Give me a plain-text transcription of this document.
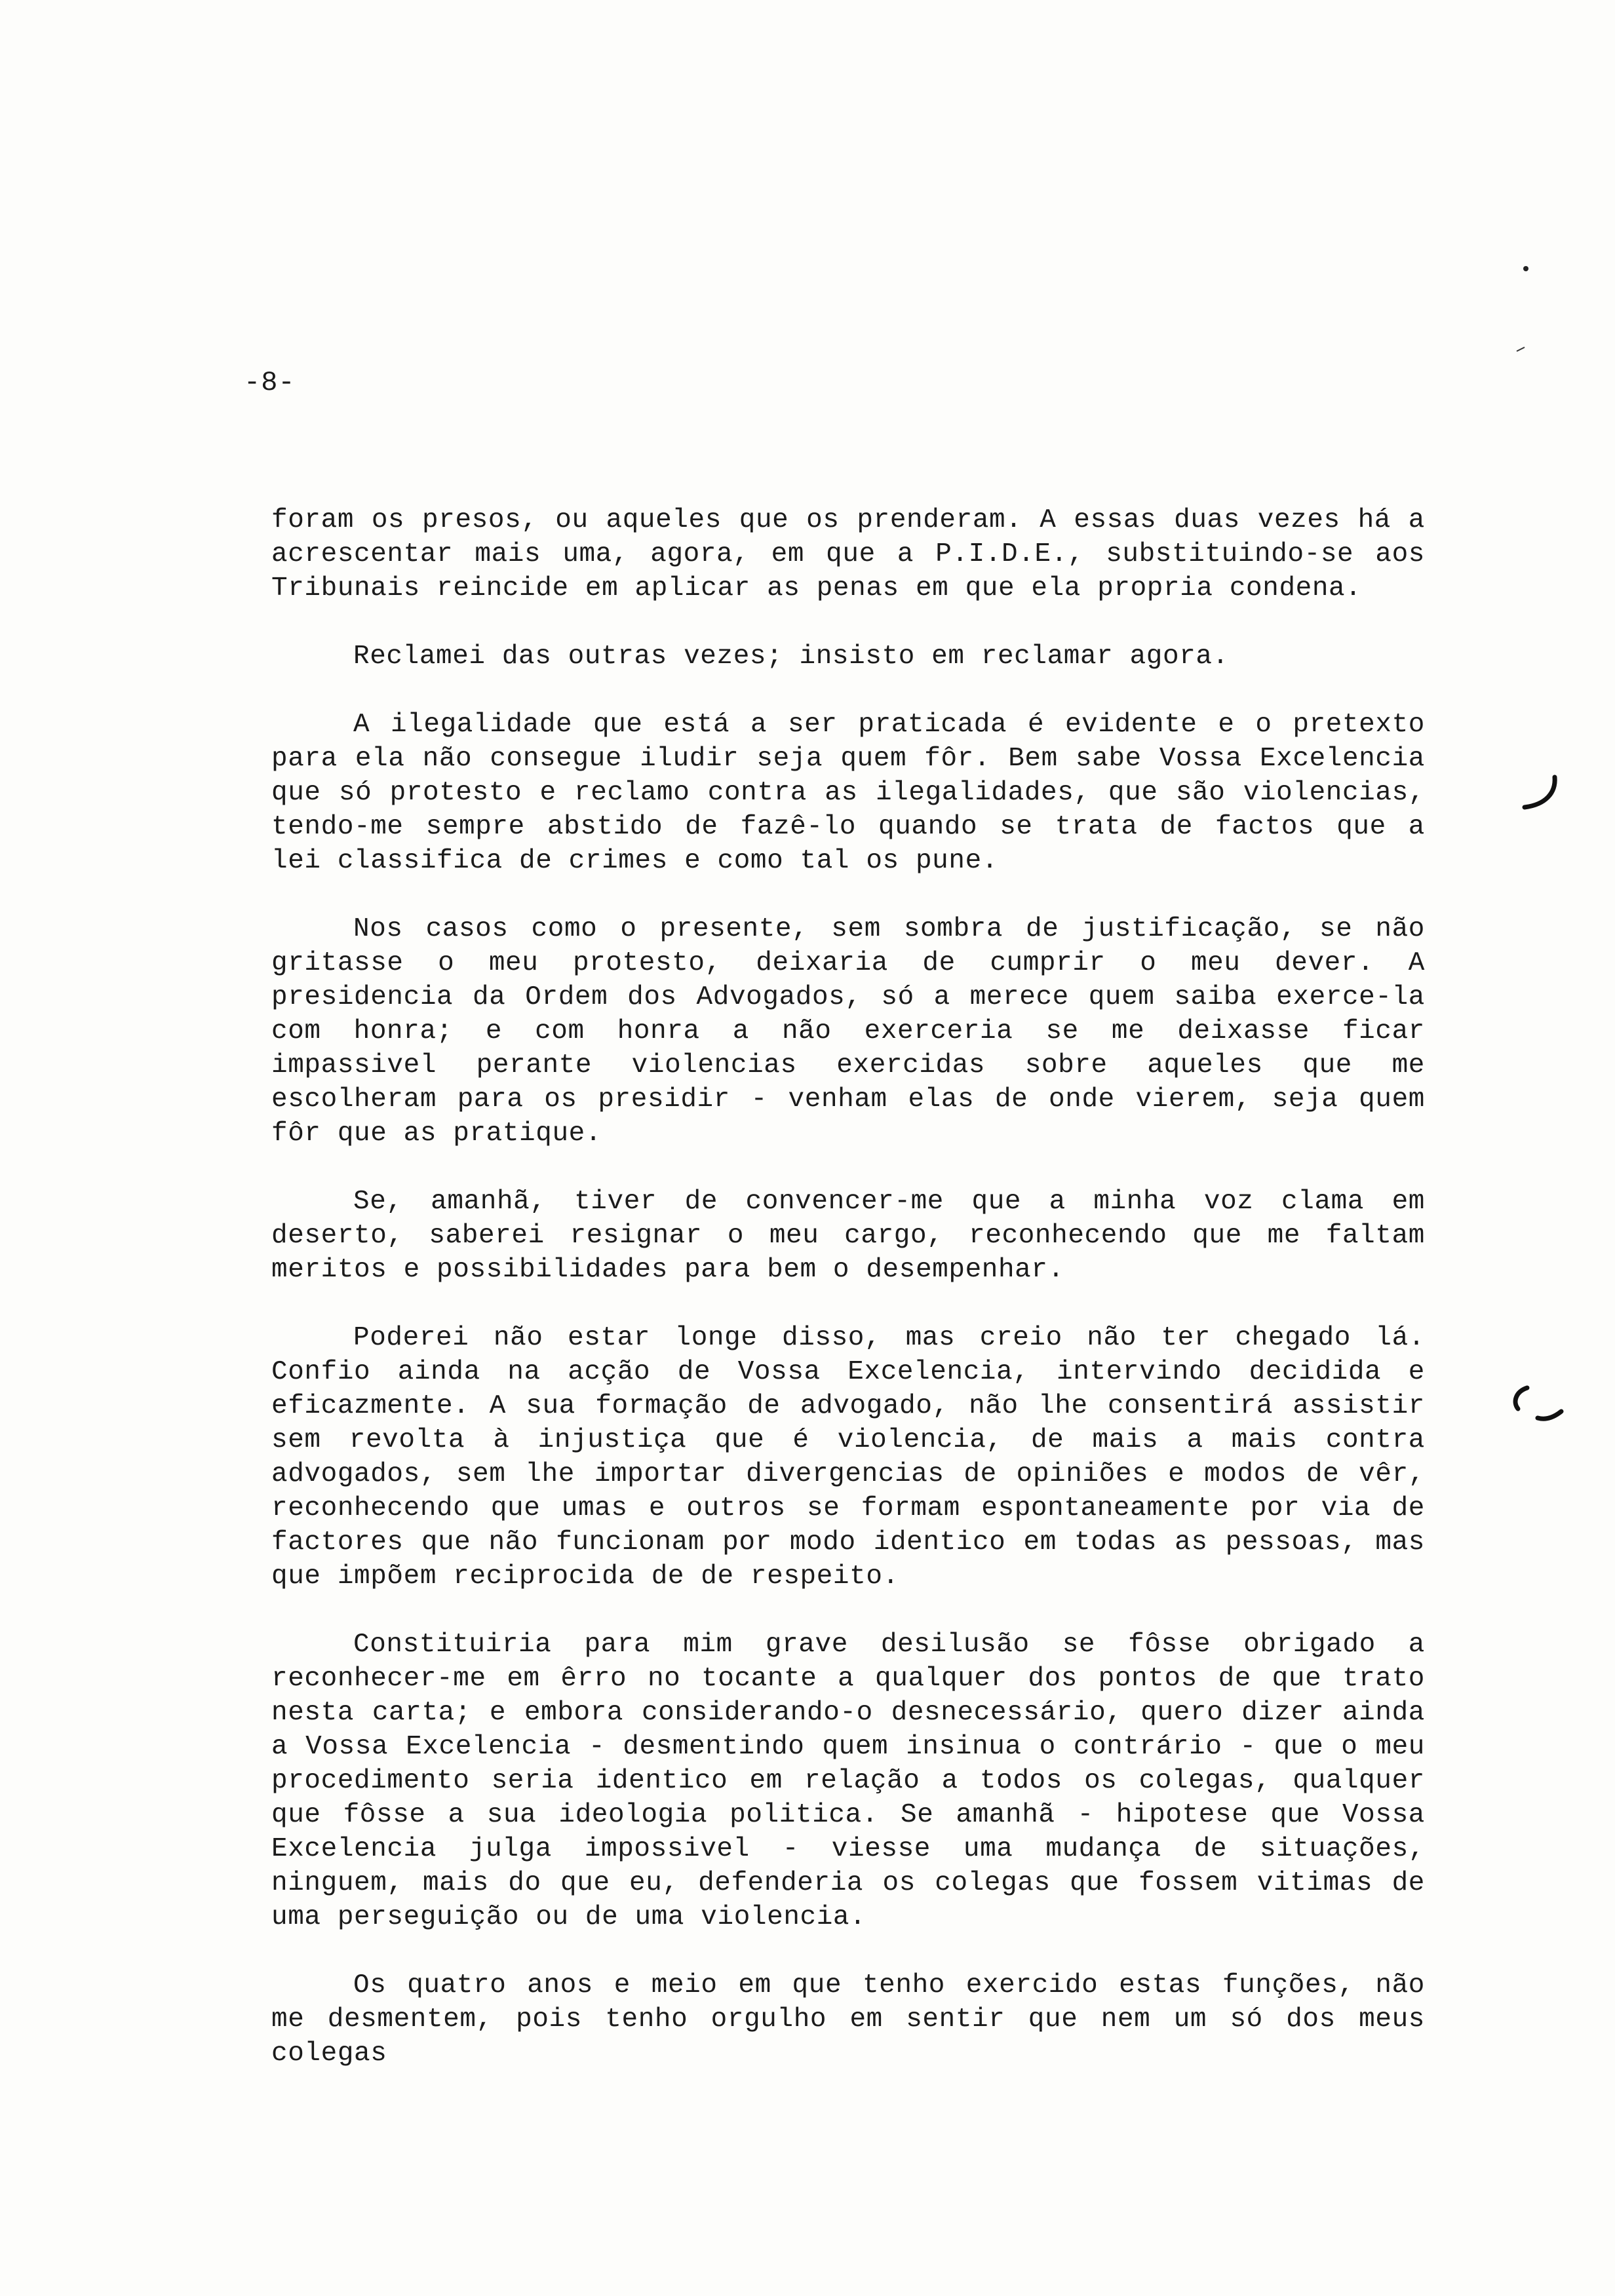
-8-

foram os presos, ou aqueles que os prenderam. A essas duas vezes há a acrescentar mais uma, agora, em que a P.I.D.E., substituindo-se aos Tribunais reincide em aplicar as penas em que ela propria condena.

Reclamei das outras vezes; insisto em reclamar agora.

A ilegalidade que está a ser praticada é evidente e o pretexto para ela não consegue iludir seja quem fôr. Bem sabe Vossa Excelencia que só protesto e reclamo contra as ilegalidades, que são violencias, tendo-me sempre abstido de fazê-lo quando se trata de factos que a lei classifica de crimes e como tal os pune.

Nos casos como o presente, sem sombra de justificação, se não gritasse o meu protesto, deixaria de cumprir o meu dever. A presidencia da Ordem dos Advogados, só a merece quem saiba exerce-la com honra; e com honra a não exerceria se me deixasse ficar impassivel perante violencias exercidas sobre aqueles que me escolheram para os presidir - venham elas de onde vierem, seja quem fôr que as pratique.

Se, amanhã, tiver de convencer-me que a minha voz clama em deserto, saberei resignar o meu cargo, reconhecendo que me faltam meritos e possibilidades para bem o desempenhar.

Poderei não estar longe disso, mas creio não ter chegado lá. Confio ainda na acção de Vossa Excelencia, intervindo decidida e eficazmente. A sua formação de advogado, não lhe consentirá assistir sem revolta à injustiça que é violencia, de mais a mais contra advogados, sem lhe importar divergencias de opiniões e modos de vêr, reconhecendo que umas e outros se formam espontaneamente por via de factores que não funcionam por modo identico em todas as pessoas, mas que impõem reciprocida de de respeito.

Constituiria para mim grave desilusão se fôsse obrigado a reconhecer-me em êrro no tocante a qualquer dos pontos de que trato nesta carta; e embora considerando-o desnecessário, quero dizer ainda a Vossa Excelencia - desmentindo quem insinua o contrário - que o meu procedimento seria identico em relação a todos os colegas, qualquer que fôsse a sua ideologia politica. Se amanhã - hipotese que Vossa Excelencia julga impossivel - viesse uma mudança de situações, ninguem, mais do que eu, defenderia os colegas que fossem vitimas de uma perseguição ou de uma violencia.

Os quatro anos e meio em que tenho exercido estas funções, não me desmentem, pois tenho orgulho em sentir que nem um só dos meus colegas
